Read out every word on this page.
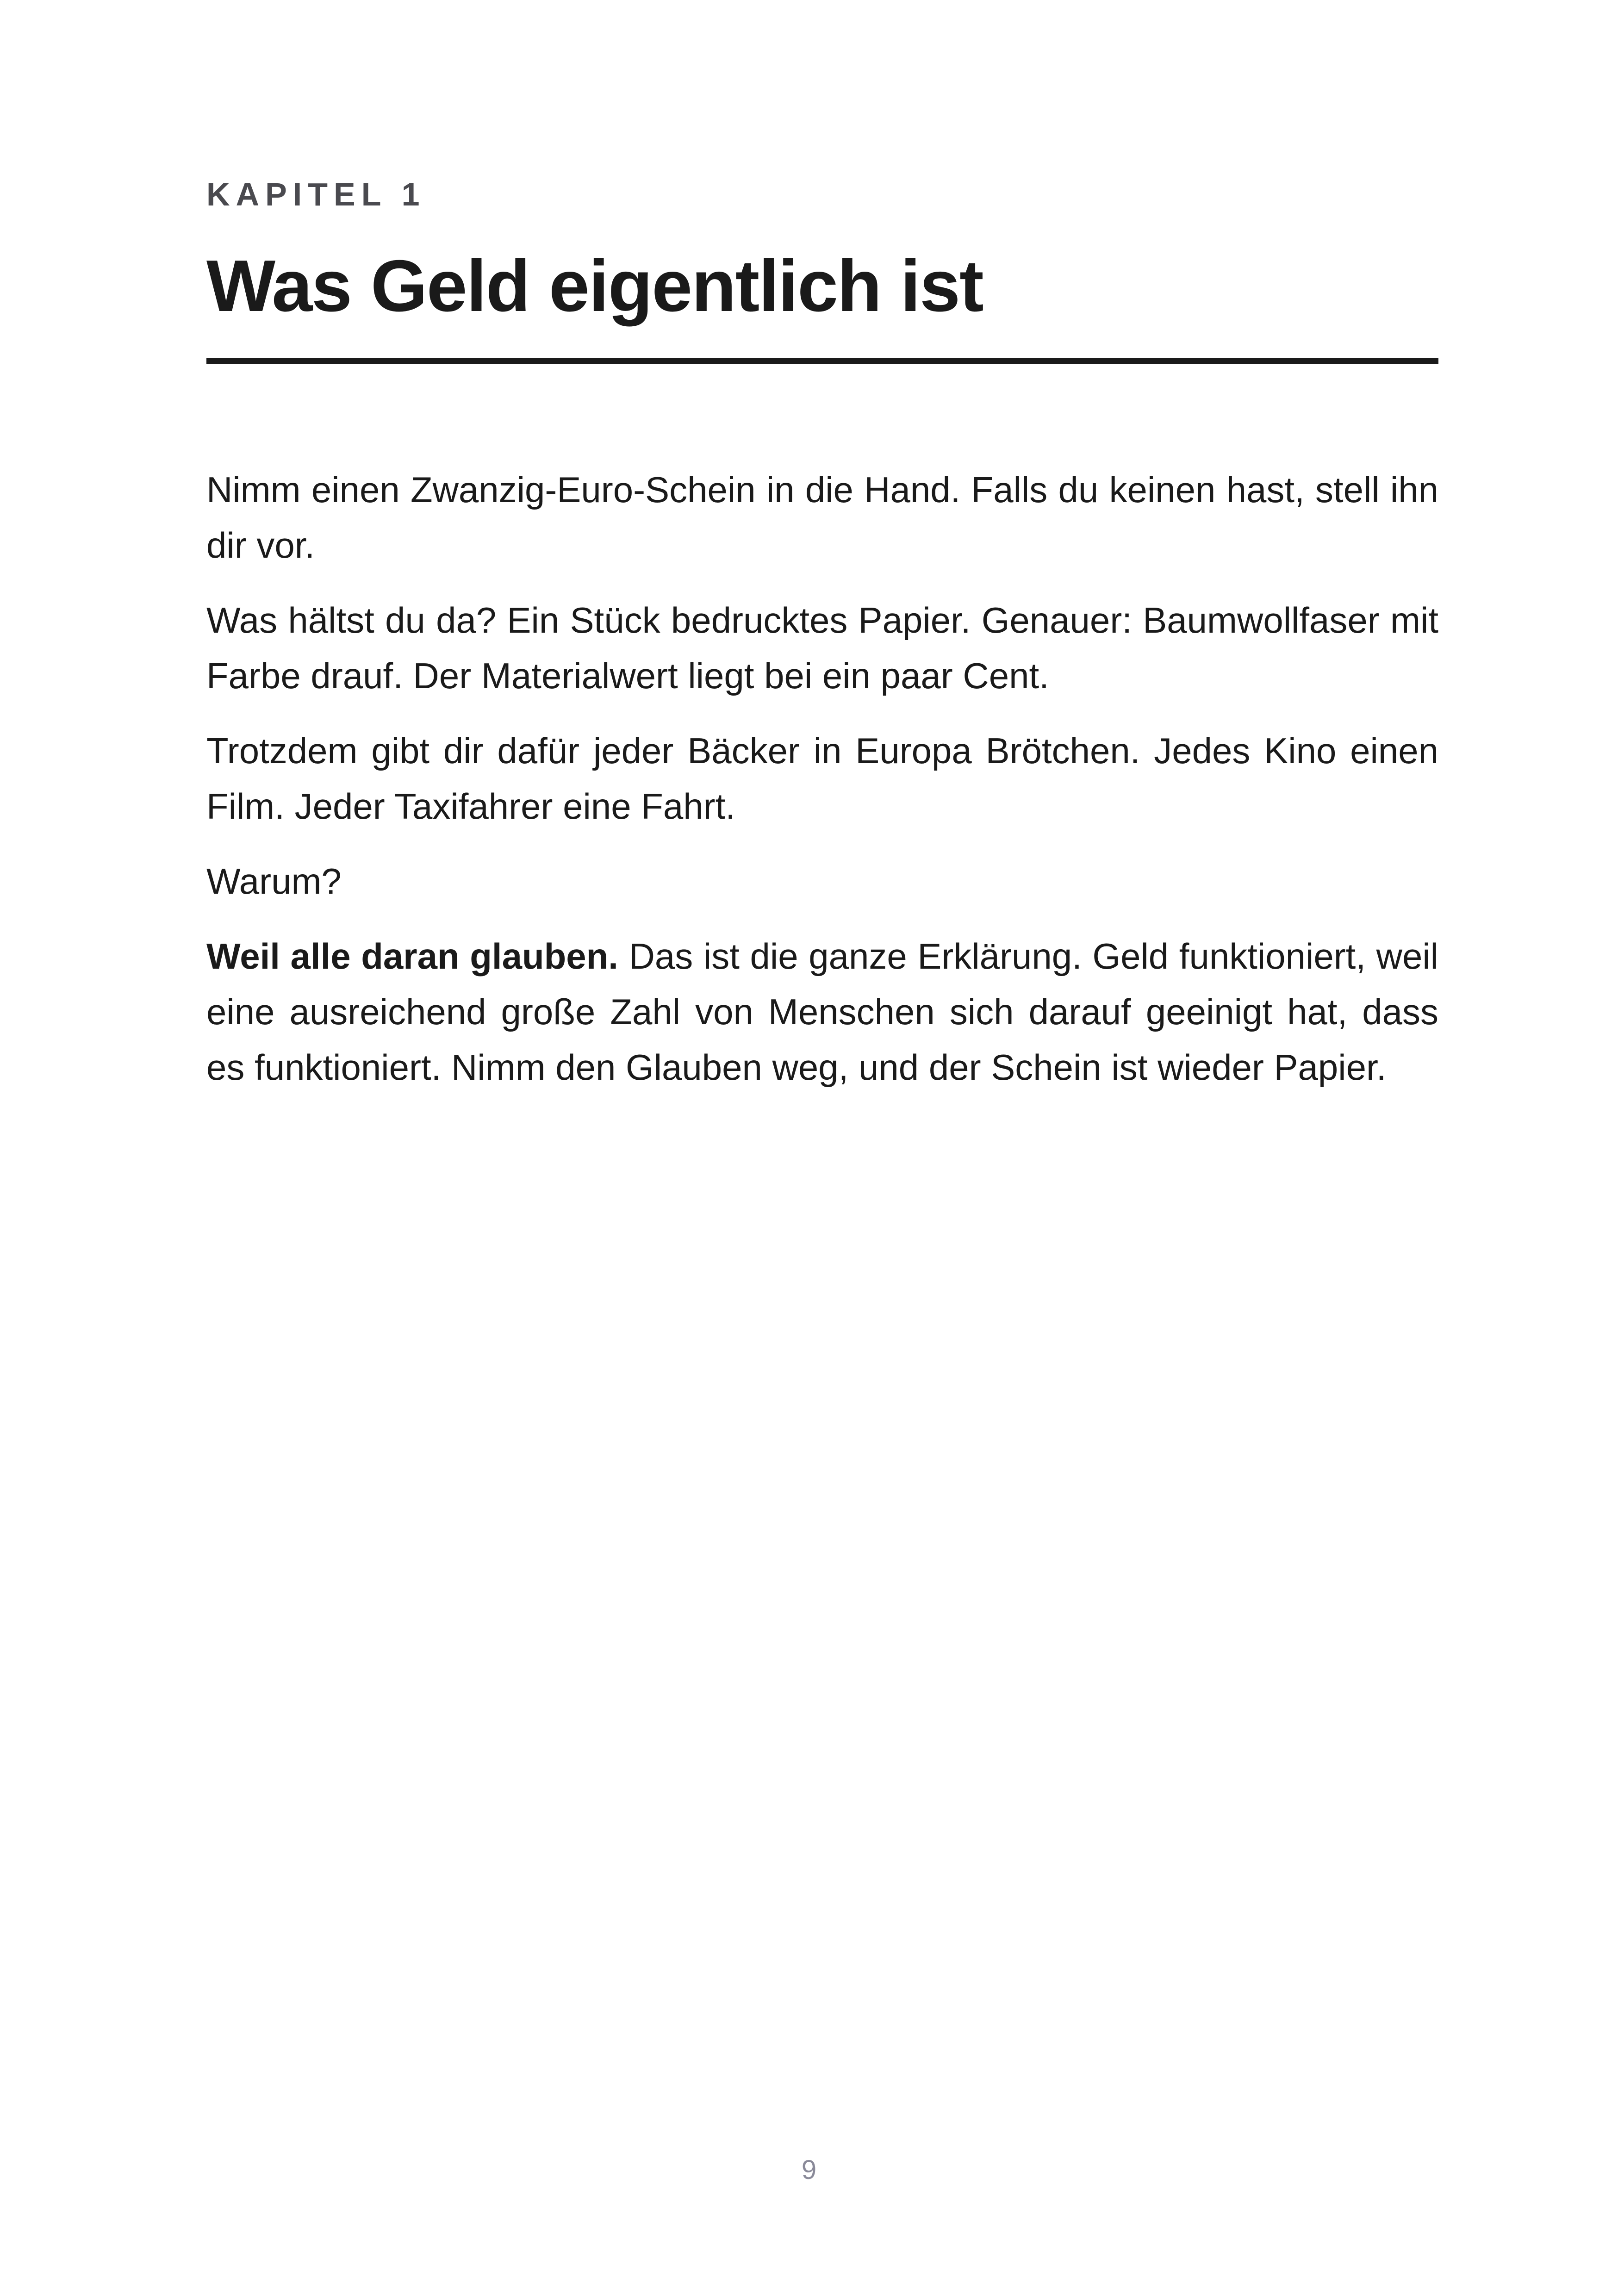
KAPITEL 1
Was Geld eigentlich ist

Nimm einen Zwanzig-Euro-Schein in die Hand. Falls du keinen hast, stell ihn dir vor.

Was hältst du da? Ein Stück bedrucktes Papier. Genauer: Baumwollfaser mit Farbe drauf. Der Materialwert liegt bei ein paar Cent.

Trotzdem gibt dir dafür jeder Bäcker in Europa Brötchen. Jedes Kino einen Film. Jeder Taxifahrer eine Fahrt.

Warum?

Weil alle daran glauben. Das ist die ganze Erklärung. Geld funktioniert, weil eine ausreichend große Zahl von Menschen sich darauf geeinigt hat, dass es funktioniert. Nimm den Glauben weg, und der Schein ist wieder Papier.

9
